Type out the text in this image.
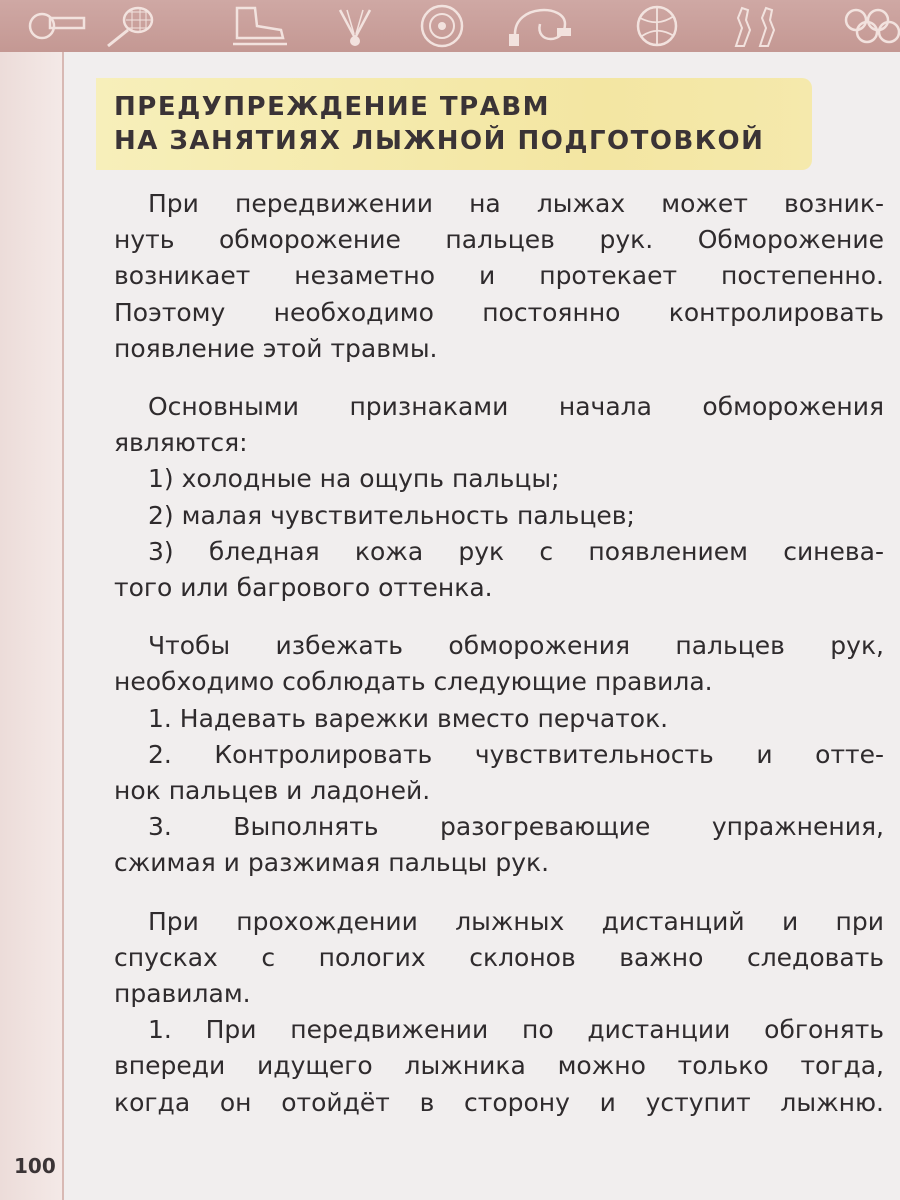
ПРЕДУПРЕЖДЕНИЕ ТРАВМ
НА ЗАНЯТИЯХ ЛЫЖНОЙ ПОДГОТОВКОЙ
При передвижении на лыжах может возник-
нуть обморожение пальцев рук. Обморожение
возникает незаметно и протекает постепенно.
Поэтому необходимо постоянно контролировать
появление этой травмы.
Основными признаками начала обморожения
являются:
1) холодные на ощупь пальцы;
2) малая чувствительность пальцев;
3) бледная кожа рук с появлением синева-
того или багрового оттенка.
Чтобы избежать обморожения пальцев рук,
необходимо соблюдать следующие правила.
1. Надевать варежки вместо перчаток.
2. Контролировать чувствительность и отте-
нок пальцев и ладоней.
3. Выполнять разогревающие упражнения,
сжимая и разжимая пальцы рук.
При прохождении лыжных дистанций и при
спусках с пологих склонов важно следовать
правилам.
1. При передвижении по дистанции обгонять
впереди идущего лыжника можно только тогда,
когда он отойдёт в сторону и уступит лыжню.
100
